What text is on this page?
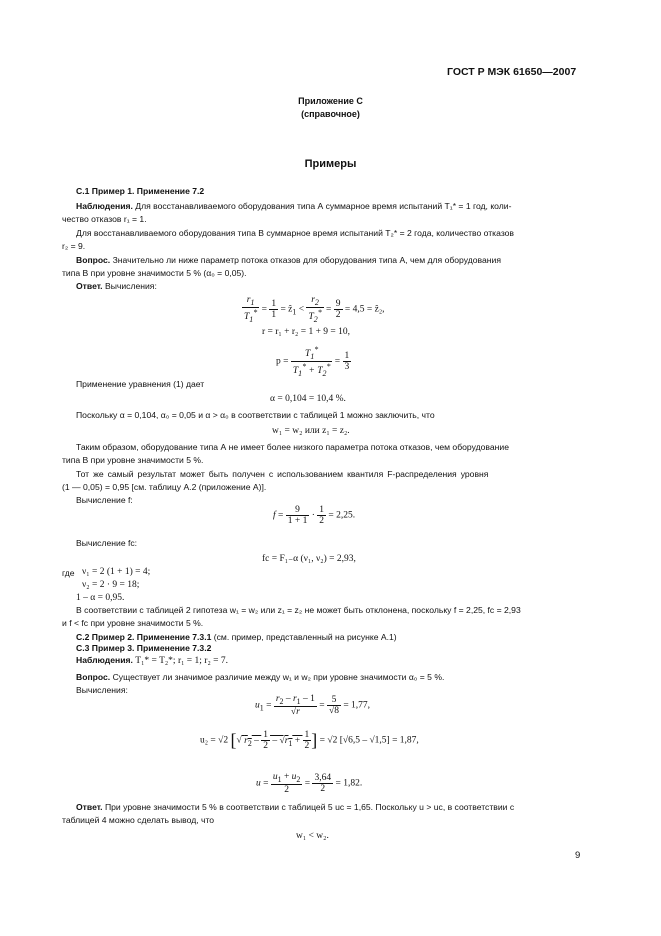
ГОСТ Р МЭК 61650—2007
Приложение С
(справочное)
Примеры
С.1 Пример 1. Применение 7.2
Наблюдения. Для восстанавливаемого оборудования типа А суммарное время испытаний T₁* = 1 год, коли-
чество отказов r₁ = 1.
Для восстанавливаемого оборудования типа В суммарное время испытаний T₂* = 2 года, количество отказов
r₂ = 9.
Вопрос. Значительно ли ниже параметр потока отказов для оборудования типа А, чем для оборудования
типа В при уровне значимости 5 % (α₀ = 0,05).
Ответ. Вычисления:
$\frac{r_1}{T_1^*} = \frac{1}{1}$ = ẑ$_1$ < $\frac{r_2}{T_2^*} = \frac{9}{2} = 4,5$ = ẑ₂,
r = r₁ + r₂ = 1 + 9 = 10,
$p = \frac{T_1^*}{T_1^* + T_2^*} = \frac{1}{3}$
Применение уравнения (1) дает
α = 0,104 = 10,4 %.
Поскольку α = 0,104, α₀ = 0,05 и α > α₀ в соответствии с таблицей 1 можно заключить, что
w₁ = w₂ или z₁ = z₂.
Таким образом, оборудование типа А не имеет более низкого параметра потока отказов, чем оборудование
типа В при уровне значимости 5 %.
Тот же самый результат может быть получен с использованием квантиля F-распределения уровня
(1 — 0,05) = 0,95 [см. таблицу А.2 (приложение А)].
Вычисление f:
$f = \frac{9}{1 + 1} \cdot \frac{1}{2} = 2,25$.
Вычисление fс:
fс = F₁₋α (ν₁, ν₂) = 2,93,
где ν₁ = 2 (1 + 1) = 4;
ν₂ = 2 · 9 = 18;
1 – α = 0,95.
В соответствии с таблицей 2 гипотеза w₁ = w₂ или z₁ = z₂ не может быть отклонена, поскольку f = 2,25, fс = 2,93
и f < fс при уровне значимости 5 %.
С.2 Пример 2. Применение 7.3.1 (см. пример, представленный на рисунке А.1)
С.3 Пример 3. Применение 7.3.2
Наблюдения. T₁* = T₂*; r₁ = 1; r₂ = 7.
Вопрос. Существует ли значимое различие между w₁ и w₂ при уровне значимости α₀ = 5 %.
Вычисления:
$u_1 = \frac{r_2 - r_1 - 1}{√r} = \frac{5}{√8} = 1,77$,
u₂ = √2 [√ $r_2 - \frac{1}{2} - √r_1 + \frac{1}{2}$ ] = √2 [√6,5 – √1,5] = 1,87,
$u = \frac{u_1 + u_2}{2} = \frac{3,64}{2} = 1,82$.
Ответ. При уровне значимости 5 % в соответствии с таблицей 5 uс = 1,65. Поскольку u > uс, в соответствии с
таблицей 4 можно сделать вывод, что
w₁ < w₂.
9
